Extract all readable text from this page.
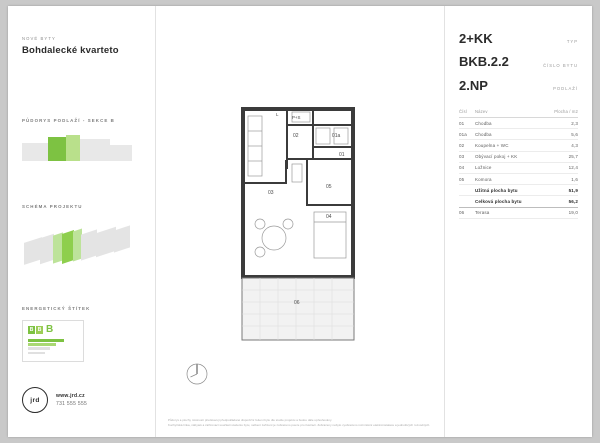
NOVÉ BYTY
Bohdalecké kvarteto
PŮDORYS PODLAŽÍ - SEKCE B
SCHÉMA PROJEKTU
ENERGETICKÝ ŠTÍTEK
B B B
jrd
www.jrd.cz
731 555 555
02	01a
01
03
05
04
06
P+S
L
2+KK	TYP
BKB.2.2	ČÍSLO BYTU
2.NP	PODLAŽÍ
Čísl	Název	Plocha / m2
01	Chodba	2,3
01a	Chodba	5,6
02	Koupelna + WC	4,3
03	Obývací pokoj + KK	25,7
04	Ložnice	12,4
05	Komora	1,6
	Užitná plocha bytu	51,9
	Celková plocha bytu	56,2
06	Terasa	19,0
Půdorys a plochy místností představují předpokládané dispoziční řešení bytu dle studie projektu a budou dále upřesňovány.
Kuchyňská linka, nábytek a zařizovací součásti studentu bytu, nelbení zařízení je zobrazeno pouze pro ilustraci. Zobrazeny nebylo vyobrazeno rozmístění elektroinstalace a jednotlivých rozvodných.
